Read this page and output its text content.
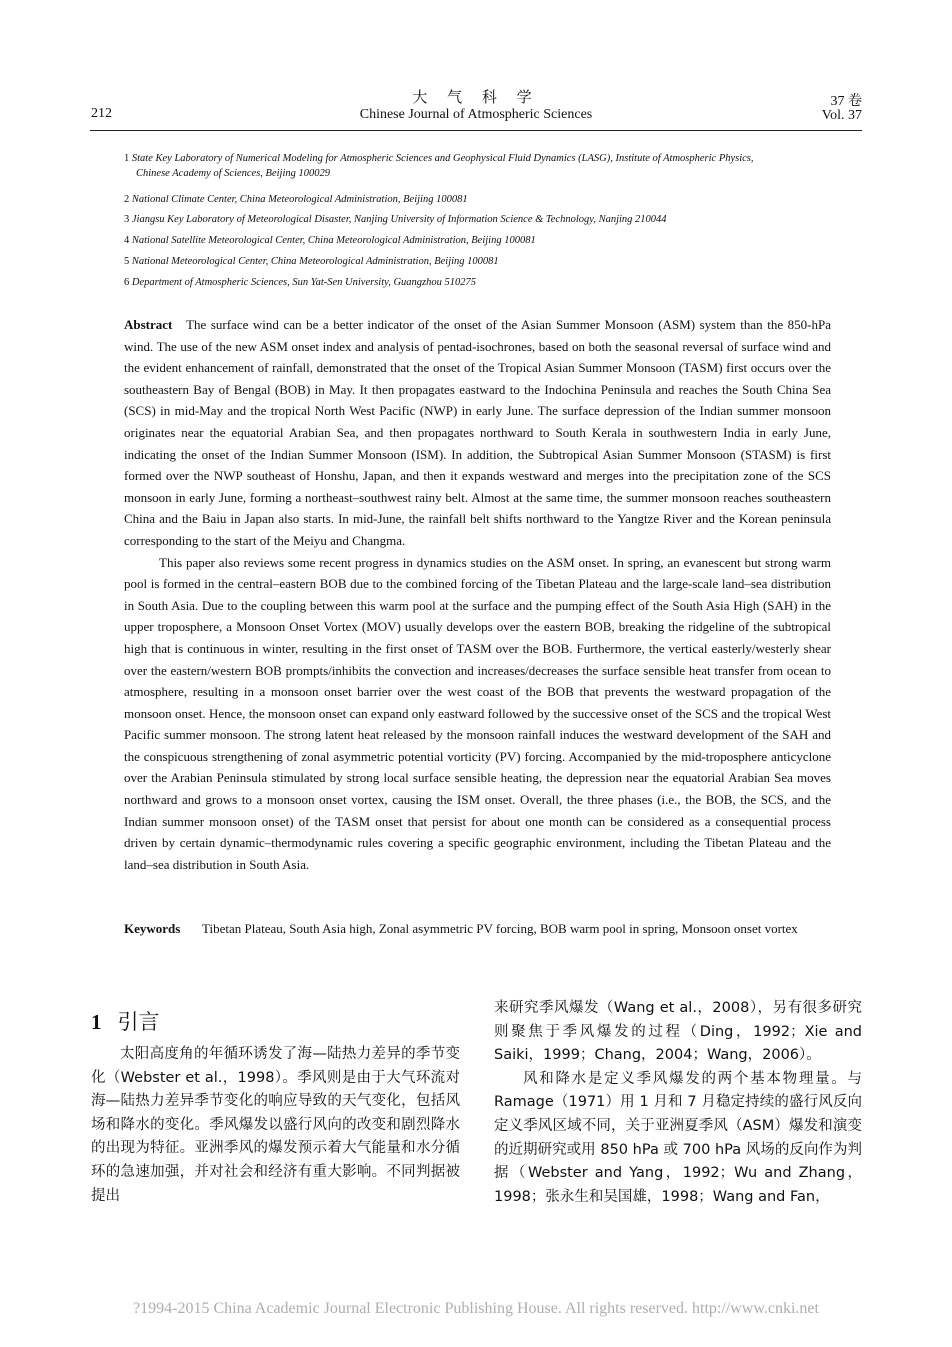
212
大 气 科 学
Chinese Journal of Atmospheric Sciences
37 卷
Vol. 37
1 State Key Laboratory of Numerical Modeling for Atmospheric Sciences and Geophysical Fluid Dynamics (LASG), Institute of Atmospheric Physics,
Chinese Academy of Sciences, Beijing 100029
2 National Climate Center, China Meteorological Administration, Beijing 100081
3 Jiangsu Key Laboratory of Meteorological Disaster, Nanjing University of Information Science & Technology, Nanjing 210044
4 National Satellite Meteorological Center, China Meteorological Administration, Beijing 100081
5 National Meteorological Center, China Meteorological Administration, Beijing 100081
6 Department of Atmospheric Sciences, Sun Yat-Sen University, Guangzhou 510275

Abstract The surface wind can be a better indicator of the onset of the Asian Summer Monsoon (ASM) system than the 850-hPa wind. The use of the new ASM onset index and analysis of pentad-isochrones, based on both the seasonal reversal of surface wind and the evident enhancement of rainfall, demonstrated that the onset of the Tropical Asian Summer Monsoon (TASM) first occurs over the southeastern Bay of Bengal (BOB) in May. It then propagates eastward to the Indochina Peninsula and reaches the South China Sea (SCS) in mid-May and the tropical North West Pacific (NWP) in early June. The surface depression of the Indian summer monsoon originates near the equatorial Arabian Sea, and then propagates northward to South Kerala in southwestern India in early June, indicating the onset of the Indian Summer Monsoon (ISM). In addition, the Subtropical Asian Summer Monsoon (STASM) is first formed over the NWP southeast of Honshu, Japan, and then it expands westward and merges into the precipitation zone of the SCS monsoon in early June, forming a northeast–southwest rainy belt. Almost at the same time, the summer monsoon reaches southeastern China and the Baiu in Japan also starts. In mid-June, the rainfall belt shifts northward to the Yangtze River and the Korean peninsula corresponding to the start of the Meiyu and Changma.

This paper also reviews some recent progress in dynamics studies on the ASM onset. In spring, an evanescent but strong warm pool is formed in the central–eastern BOB due to the combined forcing of the Tibetan Plateau and the large-scale land–sea distribution in South Asia. Due to the coupling between this warm pool at the surface and the pumping effect of the South Asia High (SAH) in the upper troposphere, a Monsoon Onset Vortex (MOV) usually develops over the eastern BOB, breaking the ridgeline of the subtropical high that is continuous in winter, resulting in the first onset of TASM over the BOB. Furthermore, the vertical easterly/westerly shear over the eastern/western BOB prompts/inhibits the convection and increases/decreases the surface sensible heat transfer from ocean to atmosphere, resulting in a monsoon onset barrier over the west coast of the BOB that prevents the westward propagation of the monsoon onset. Hence, the monsoon onset can expand only eastward followed by the successive onset of the SCS and the tropical West Pacific summer monsoon. The strong latent heat released by the monsoon rainfall induces the westward development of the SAH and the conspicuous strengthening of zonal asymmetric potential vorticity (PV) forcing. Accompanied by the mid-troposphere anticyclone over the Arabian Peninsula stimulated by strong local surface sensible heating, the depression near the equatorial Arabian Sea moves northward and grows to a monsoon onset vortex, causing the ISM onset. Overall, the three phases (i.e., the BOB, the SCS, and the Indian summer monsoon onset) of the TASM onset that persist for about one month can be considered as a consequential process driven by certain dynamic–thermodynamic rules covering a specific geographic environment, including the Tibetan Plateau and the land–sea distribution in South Asia.

Keywords Tibetan Plateau, South Asia high, Zonal asymmetric PV forcing, BOB warm pool in spring, Monsoon onset vortex
1 引言

太阳高度角的年循环诱发了海—陆热力差异的季节变化（Webster et al.，1998）。季风则是由于大气环流对海—陆热力差异季节变化的响应导致的天气变化，包括风场和降水的变化。季风爆发以盛行风向的改变和剧烈降水的出现为特征。亚洲季风的爆发预示着大气能量和水分循环的急速加强，并对社会和经济有重大影响。不同判据被提出

来研究季风爆发（Wang et al.，2008），另有很多研究则聚焦于季风爆发的过程（Ding，1992；Xie and Saiki，1999；Chang，2004；Wang，2006）。

风和降水是定义季风爆发的两个基本物理量。与 Ramage（1971）用 1 月和 7 月稳定持续的盛行风反向定义季风区域不同，关于亚洲夏季风（ASM）爆发和演变的近期研究或用 850 hPa 或 700 hPa 风场的反向作为判据（Webster and Yang，1992；Wu and Zhang，1998；张永生和吴国雄，1998；Wang and Fan，

?1994-2015 China Academic Journal Electronic Publishing House. All rights reserved. http://www.cnki.net
